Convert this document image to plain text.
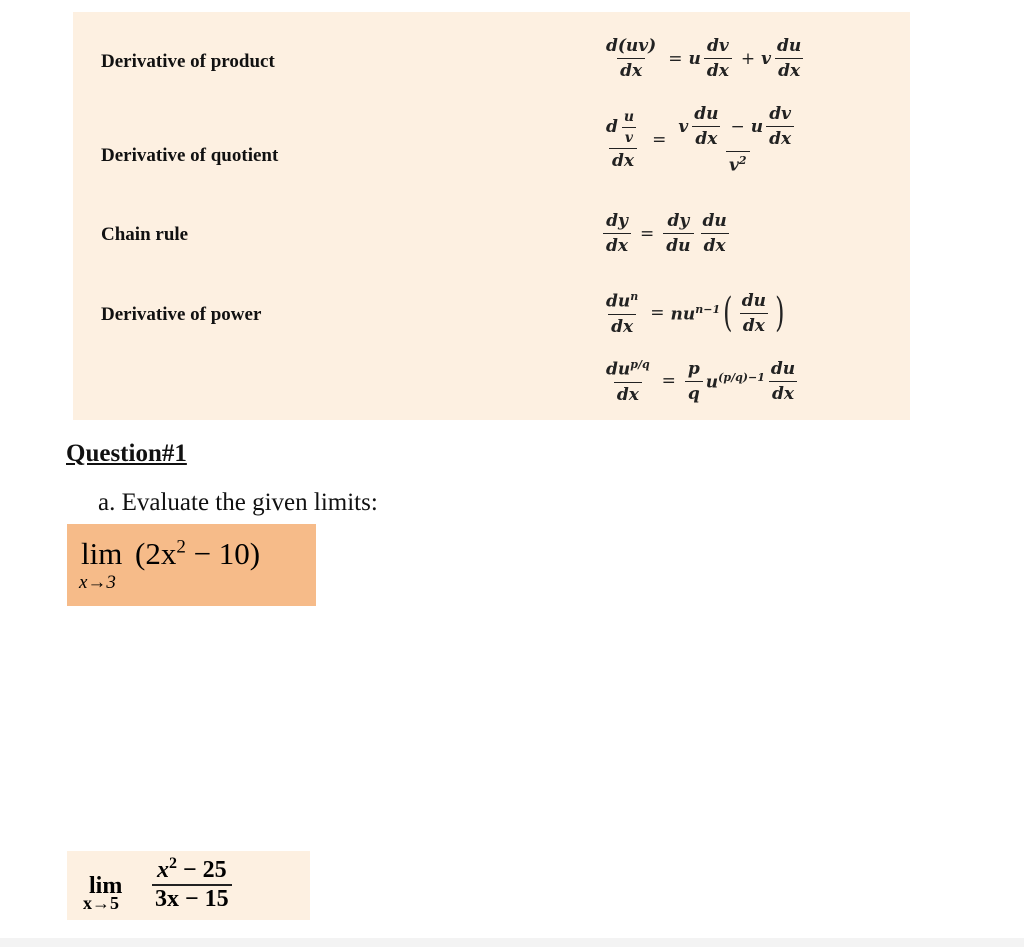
Derivative of product
Derivative of quotient
Chain rule
Derivative of power
$\frac{d(uv)}{dx} = u \frac{dv}{dx} + v \frac{du}{dx}$
d $\frac{u}{v}$
dx
=
v $\frac{du}{dx} - u \frac{dv}{dx}$
$v^2$
$\frac{dy}{dx} = \frac{dy}{du} \frac{du}{dx}$
$du^n$
dx
= $nu^{n-1}$ ( $\frac{du}{dx}$ )
$du^{p/q}$
dx
= $\frac{p}{q} u^{(p/q)-1} \frac{du}{dx}$
Question#1
a. Evaluate the given limits:
lim
x→3
$(2x^2 - 10)$
lim
$x\to 5 \frac{x^2 - 25}{3x - 15}$
